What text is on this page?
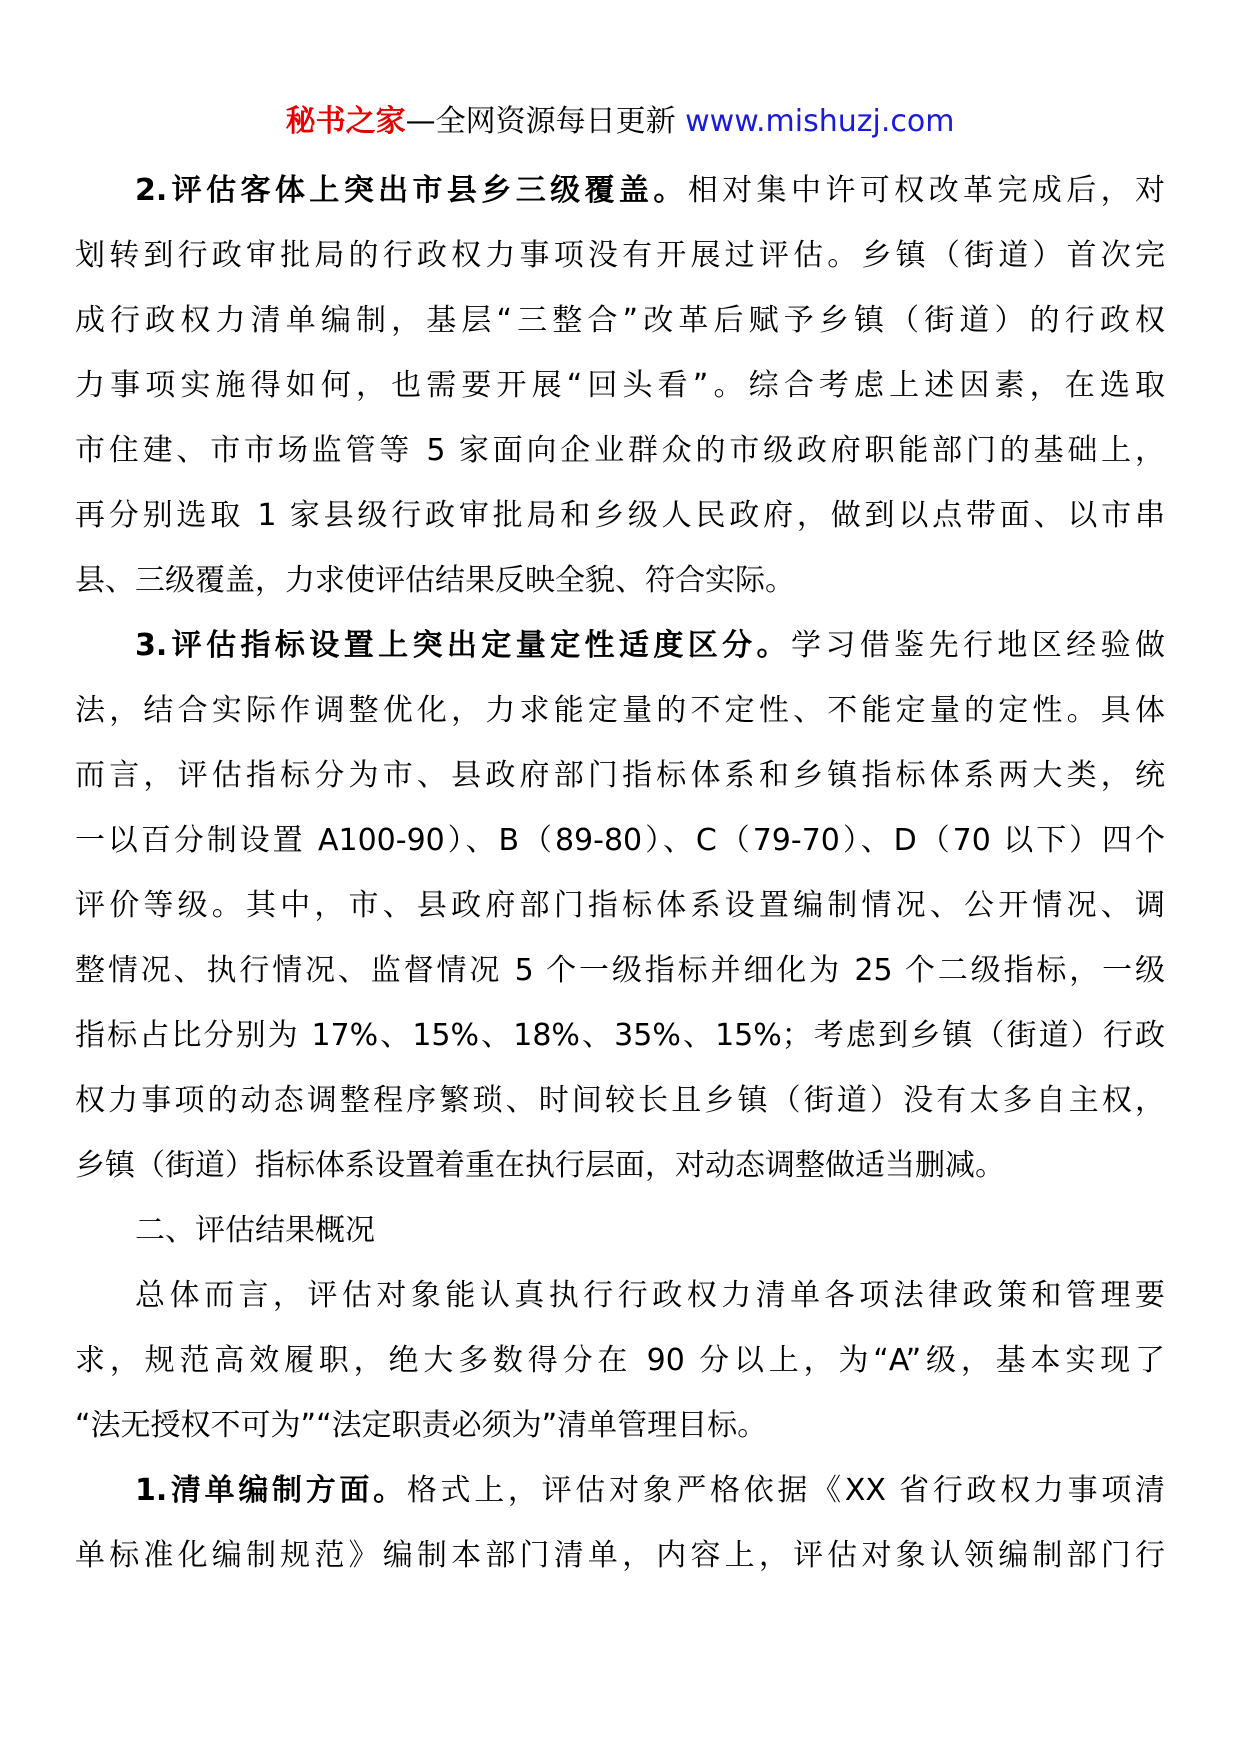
秘书之家—全网资源每日更新 www.mishuzj.com
2.评估客体上突出市县乡三级覆盖。相对集中许可权改革完成后，对
划转到行政审批局的行政权力事项没有开展过评估。乡镇（街道）首次完
成行政权力清单编制，基层“三整合”改革后赋予乡镇（街道）的行政权
力事项实施得如何，也需要开展“回头看”。综合考虑上述因素，在选取
市住建、市市场监管等 5 家面向企业群众的市级政府职能部门的基础上，
再分别选取 1 家县级行政审批局和乡级人民政府，做到以点带面、以市串
县、三级覆盖，力求使评估结果反映全貌、符合实际。
3.评估指标设置上突出定量定性适度区分。学习借鉴先行地区经验做
法，结合实际作调整优化，力求能定量的不定性、不能定量的定性。具体
而言，评估指标分为市、县政府部门指标体系和乡镇指标体系两大类，统
一以百分制设置 A100-90）、B（89-80）、C（79-70）、D（70 以下）四个
评价等级。其中，市、县政府部门指标体系设置编制情况、公开情况、调
整情况、执行情况、监督情况 5 个一级指标并细化为 25 个二级指标，一级
指标占比分别为 17%、15%、18%、35%、15%；考虑到乡镇（街道）行政
权力事项的动态调整程序繁琐、时间较长且乡镇（街道）没有太多自主权，
乡镇（街道）指标体系设置着重在执行层面，对动态调整做适当删减。
二、评估结果概况
总体而言，评估对象能认真执行行政权力清单各项法律政策和管理要
求，规范高效履职，绝大多数得分在 90 分以上，为“A”级，基本实现了
“法无授权不可为”“法定职责必须为”清单管理目标。
1.清单编制方面。格式上，评估对象严格依据《XX 省行政权力事项清
单标准化编制规范》编制本部门清单，内容上，评估对象认领编制部门行
